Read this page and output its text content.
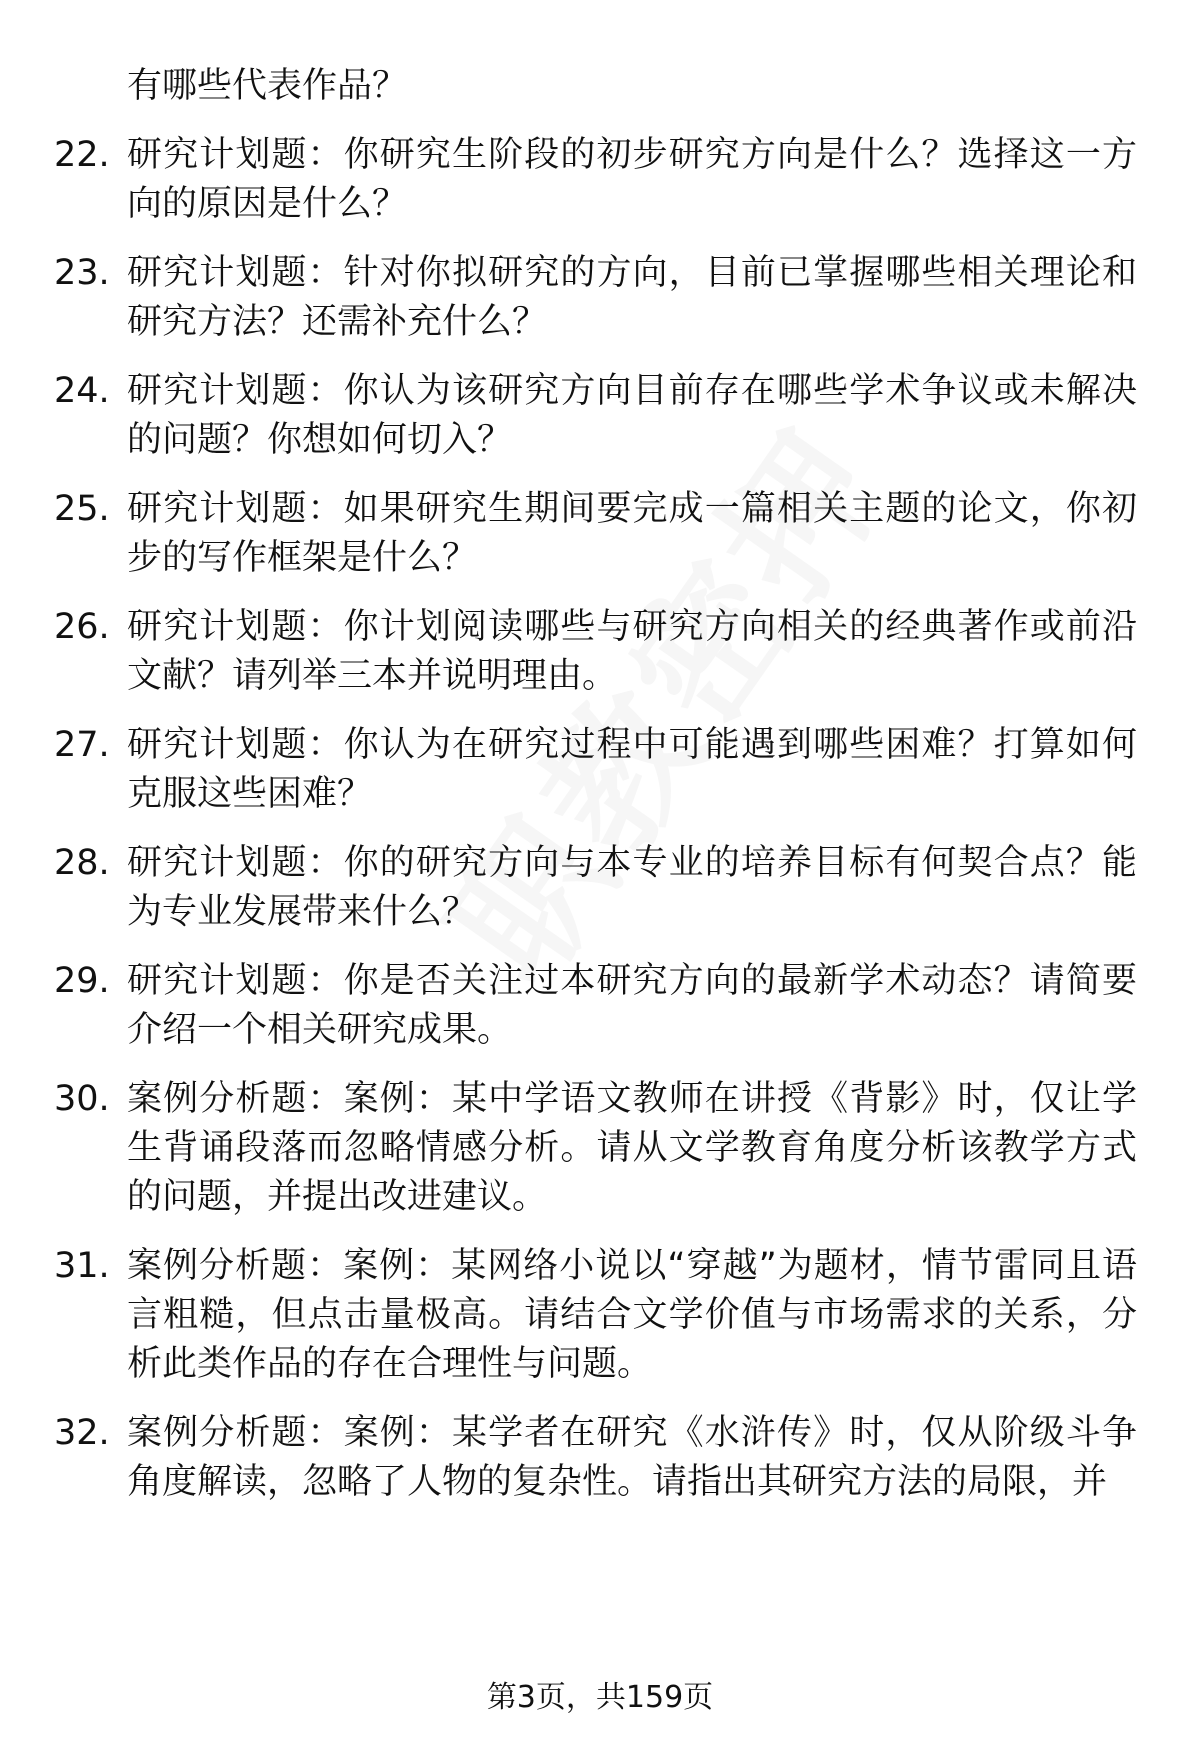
有哪些代表作品？
22. 研究计划题：你研究生阶段的初步研究方向是什么？选择这一方向的原因是什么？
23. 研究计划题：针对你拟研究的方向，目前已掌握哪些相关理论和研究方法？还需补充什么？
24. 研究计划题：你认为该研究方向目前存在哪些学术争议或未解决的问题？你想如何切入？
25. 研究计划题：如果研究生期间要完成一篇相关主题的论文，你初步的写作框架是什么？
26. 研究计划题：你计划阅读哪些与研究方向相关的经典著作或前沿文献？请列举三本并说明理由。
27. 研究计划题：你认为在研究过程中可能遇到哪些困难？打算如何克服这些困难？
28. 研究计划题：你的研究方向与本专业的培养目标有何契合点？能为专业发展带来什么？
29. 研究计划题：你是否关注过本研究方向的最新学术动态？请简要介绍一个相关研究成果。
30. 案例分析题：案例：某中学语文教师在讲授《背影》时，仅让学生背诵段落而忽略情感分析。请从文学教育角度分析该教学方式的问题，并提出改进建议。
31. 案例分析题：案例：某网络小说以“穿越”为题材，情节雷同且语言粗糙，但点击量极高。请结合文学价值与市场需求的关系，分析此类作品的存在合理性与问题。
32. 案例分析题：案例：某学者在研究《水浒传》时，仅从阶级斗争角度解读，忽略了人物的复杂性。请指出其研究方法的局限，并
第3页，共159页
